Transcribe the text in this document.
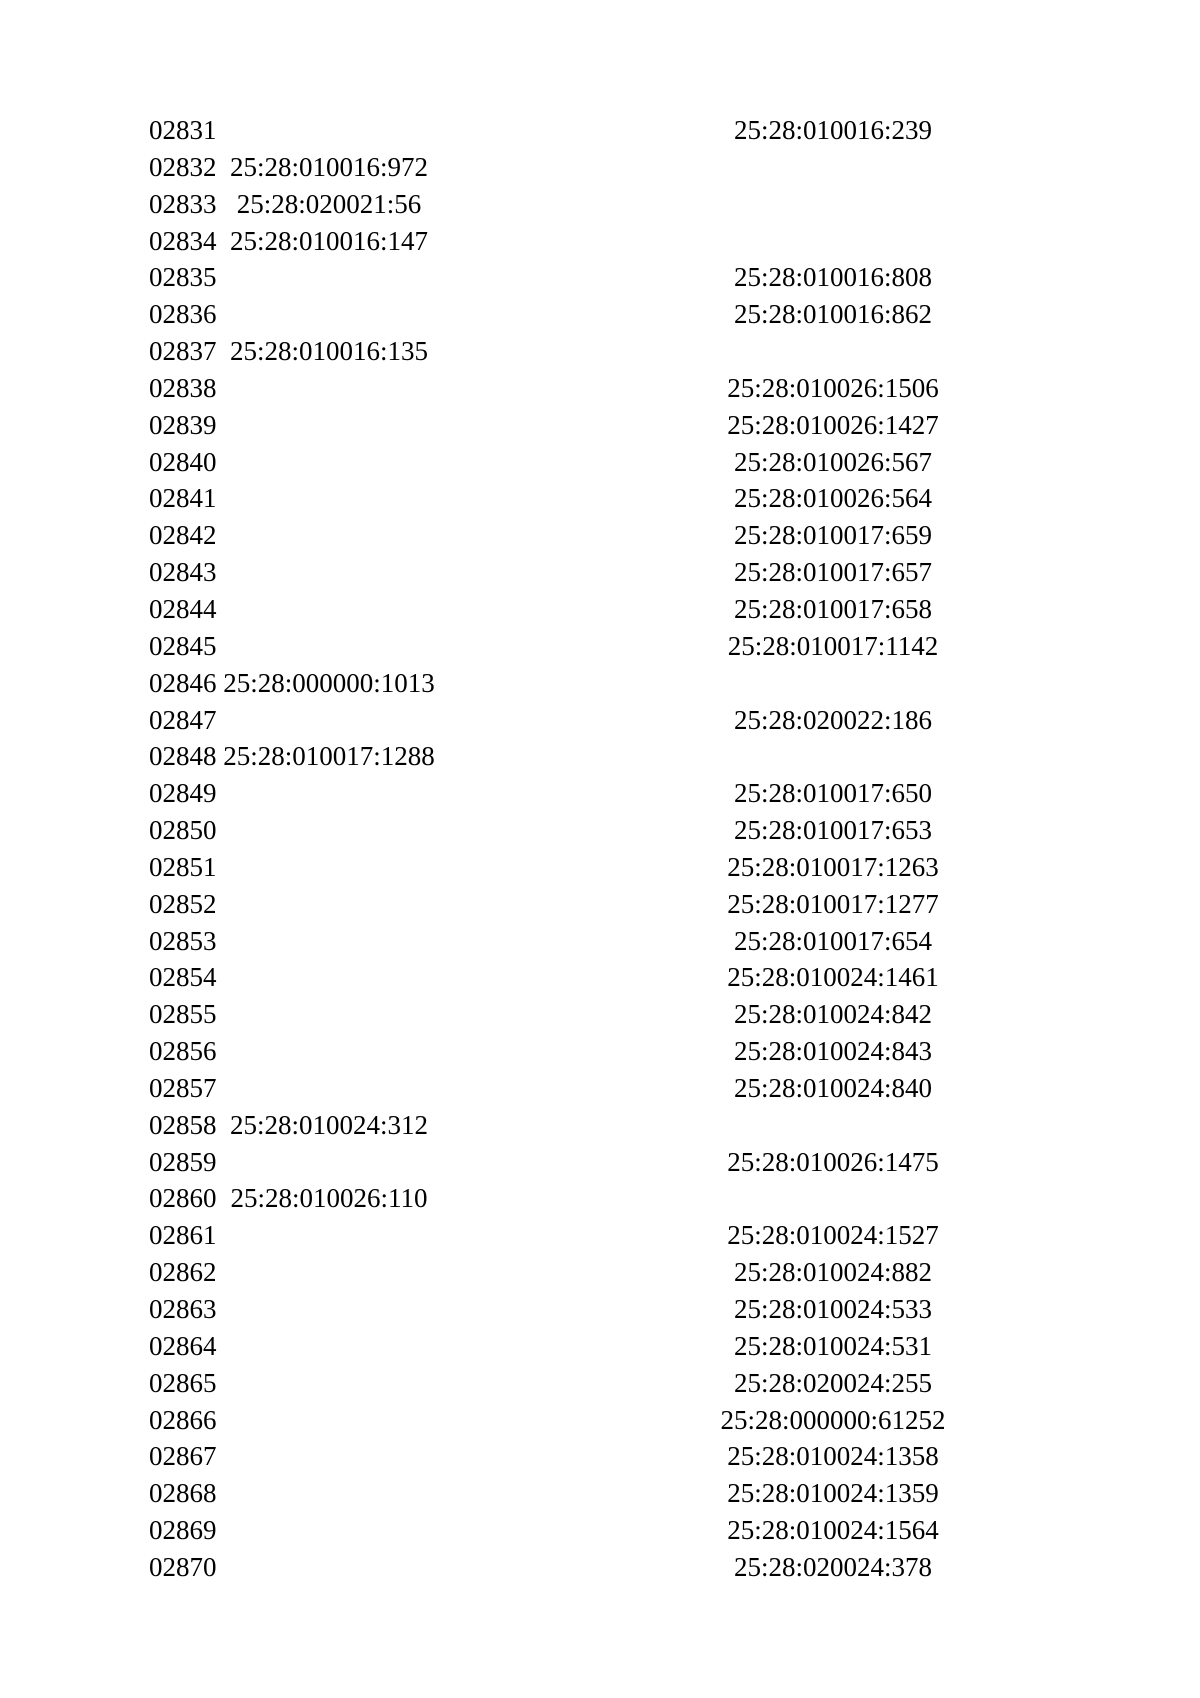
02831	25:28:010016:239
02832 25:28:010016:972
02833 25:28:020021:56
02834 25:28:010016:147
02835	25:28:010016:808
02836	25:28:010016:862
02837 25:28:010016:135
02838	25:28:010026:1506
02839	25:28:010026:1427
02840	25:28:010026:567
02841	25:28:010026:564
02842	25:28:010017:659
02843	25:28:010017:657
02844	25:28:010017:658
02845	25:28:010017:1142
02846 25:28:000000:1013
02847	25:28:020022:186
02848 25:28:010017:1288
02849	25:28:010017:650
02850	25:28:010017:653
02851	25:28:010017:1263
02852	25:28:010017:1277
02853	25:28:010017:654
02854	25:28:010024:1461
02855	25:28:010024:842
02856	25:28:010024:843
02857	25:28:010024:840
02858 25:28:010024:312
02859	25:28:010026:1475
02860 25:28:010026:110
02861	25:28:010024:1527
02862	25:28:010024:882
02863	25:28:010024:533
02864	25:28:010024:531
02865	25:28:020024:255
02866	25:28:000000:61252
02867	25:28:010024:1358
02868	25:28:010024:1359
02869	25:28:010024:1564
02870	25:28:020024:378
